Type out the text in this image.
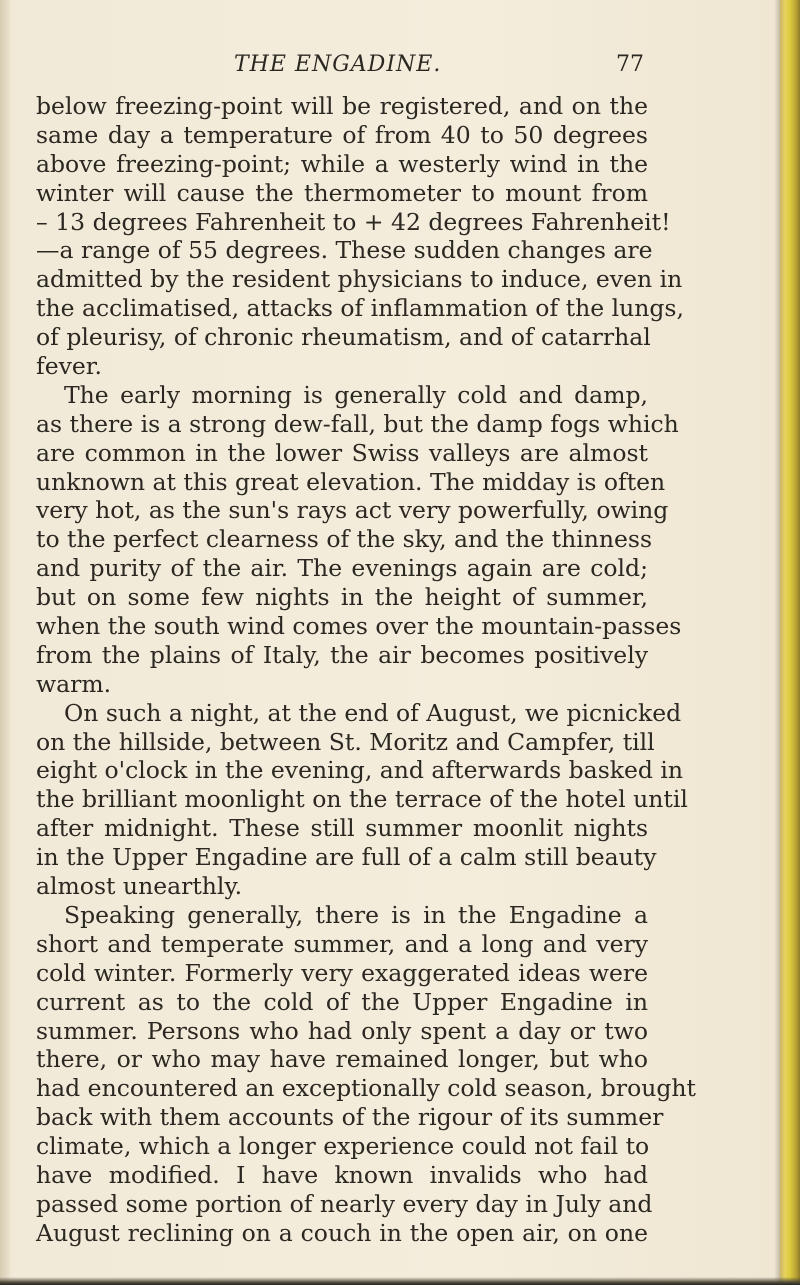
THE ENGADINE.	77
below freezing-point will be registered, and on the
same day a temperature of from 40 to 50 degrees
above freezing-point; while a westerly wind in the
winter will cause the thermometer to mount from
– 13 degrees Fahrenheit to + 42 degrees Fahrenheit!
—a range of 55 degrees. These sudden changes are
admitted by the resident physicians to induce, even in
the acclimatised, attacks of inflammation of the lungs,
of pleurisy, of chronic rheumatism, and of catarrhal
fever.
The early morning is generally cold and damp,
as there is a strong dew-fall, but the damp fogs which
are common in the lower Swiss valleys are almost
unknown at this great elevation. The midday is often
very hot, as the sun's rays act very powerfully, owing
to the perfect clearness of the sky, and the thinness
and purity of the air. The evenings again are cold;
but on some few nights in the height of summer,
when the south wind comes over the mountain-passes
from the plains of Italy, the air becomes positively
warm.
On such a night, at the end of August, we picnicked
on the hillside, between St. Moritz and Campfer, till
eight o'clock in the evening, and afterwards basked in
the brilliant moonlight on the terrace of the hotel until
after midnight. These still summer moonlit nights
in the Upper Engadine are full of a calm still beauty
almost unearthly.
Speaking generally, there is in the Engadine a
short and temperate summer, and a long and very
cold winter. Formerly very exaggerated ideas were
current as to the cold of the Upper Engadine in
summer. Persons who had only spent a day or two
there, or who may have remained longer, but who
had encountered an exceptionally cold season, brought
back with them accounts of the rigour of its summer
climate, which a longer experience could not fail to
have modified. I have known invalids who had
passed some portion of nearly every day in July and
August reclining on a couch in the open air, on one
